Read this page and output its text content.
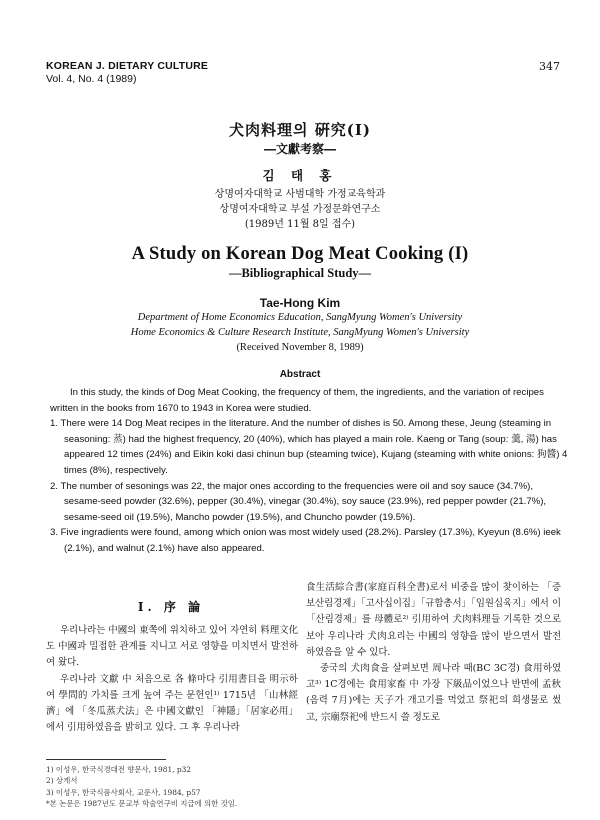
KOREAN J. DIETARY CULTURE
Vol. 4, No. 4 (1989)
347
犬肉料理의 硏究(Ⅰ)
―文獻考察―
김 태 홍
상명여자대학교 사범대학 가정교육학과
상명여자대학교 부설 가정문화연구소
(1989년 11월 8일 접수)
A Study on Korean Dog Meat Cooking (I)
—Bibliographical Study—
Tae-Hong Kim
Department of Home Economics Education, SangMyung Women's University
Home Economics & Culture Research Institute, SangMyung Women's University
(Received November 8, 1989)
Abstract

In this study, the kinds of Dog Meat Cooking, the frequency of them, the ingredients, and the variation of recipes written in the books from 1670 to 1943 in Korea were studied.

1. There were 14 Dog Meat recipes in the literature. And the number of dishes is 50. Among these, Jeung (steaming in seasoning: 蒸) had the highest frequency, 20 (40%), which has played a main role. Kaeng or Tang (soup: 羹, 湯) has appeared 12 times (24%) and Eikin koki dasi chinun bup (steaming twice), Kujang (steaming with white onions: 狗醬) 4 times (8%), respectively.

2. The number of sesonings was 22, the major ones according to the frequencies were oil and soy sauce (34.7%), sesame-seed powder (32.6%), pepper (30.4%), vinegar (30.4%), soy sauce (23.9%), red pepper powder (21.7%), sesame-seed oil (19.5%), Mancho powder (19.5%), and Chuncho powder (19.5%).

3. Five ingradients were found, among which onion was most widely used (28.2%). Parsley (17.3%), Kyeyun (8.6%) ieek (2.1%), and walnut (2.1%) have also appeared.

Ⅰ. 序 論

우리나라는 中國의 東쪽에 위치하고 있어 자연히 料理文化도 中國과 밀접한 관계를 지니고 서로 영향을 미치면서 발전하여 왔다.

우리나라 文獻 中 처음으로 各 條마다 引用書目을 明示하여 學問的 가치를 크게 높여 주는 문헌인¹⁾ 1715년 「山林經濟」에 「冬瓜蒸犬法」은 中國文獻인 「神隱」「居家必用」에서 引用하였음을 밝히고 있다. 그 후 우리나라

食生活綜合書(家庭百科全書)로서 비중을 많이 찾이하는 「증보산림경제」「고사십이집」「규합총서」「임원십육지」에서 이 「산림경제」를 母體로²⁾ 引用하여 犬肉料理들 기록한 것으로 보아 우리나라 犬肉요리는 中國의 영향을 많이 받으면서 발전하였음을 알 수 있다.

중국의 犬肉食을 살펴보면 周나라 때(BC 3C경) 食用하였고³⁾ 1C경에는 食用家畜 中 가장 下級品이었으나 반면에 孟秋(음력 7月)에는 天子가 개고기를 먹었고 祭祀의 희생물로 썼고, 宗廟祭祀에 반드시 쓸 정도로

1) 이성우, 한국식경대전 향문사, 1981, p32
2) 상게서
3) 이성우, 한국식품사회사, 교문사, 1984, p57
*본 논문은 1987년도 문교부 학술연구비 지급에 의한 것임.
